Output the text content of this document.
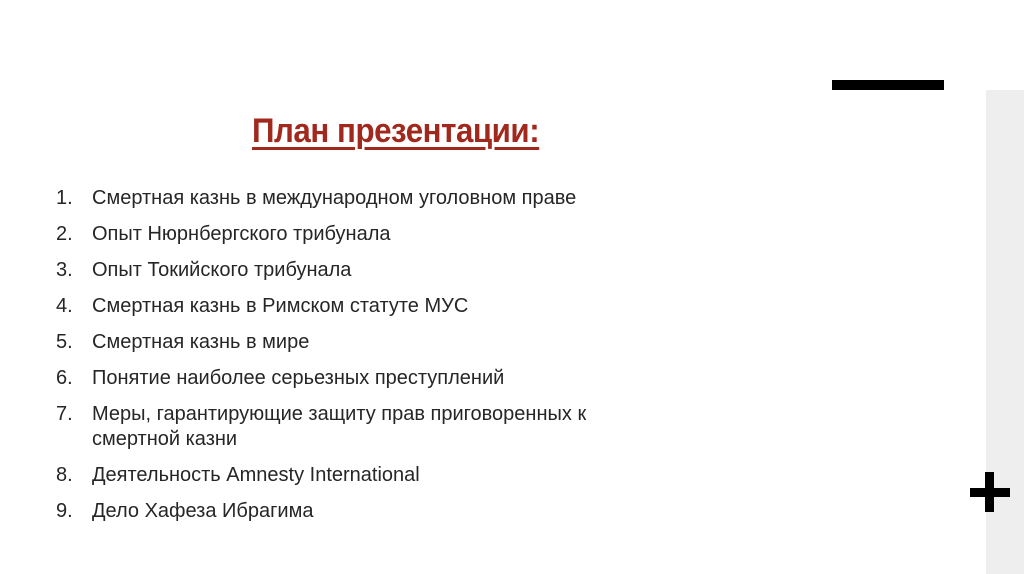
План презентации:
1. Смертная казнь в международном уголовном праве
2. Опыт Нюрнбергского трибунала
3. Опыт Токийского трибунала
4. Смертная казнь в Римском статуте МУС
5. Смертная казнь в мире
6. Понятие наиболее серьезных преступлений
7. Меры, гарантирующие защиту прав приговоренных к смертной казни
8. Деятельность Amnesty International
9. Дело Хафеза Ибрагима
